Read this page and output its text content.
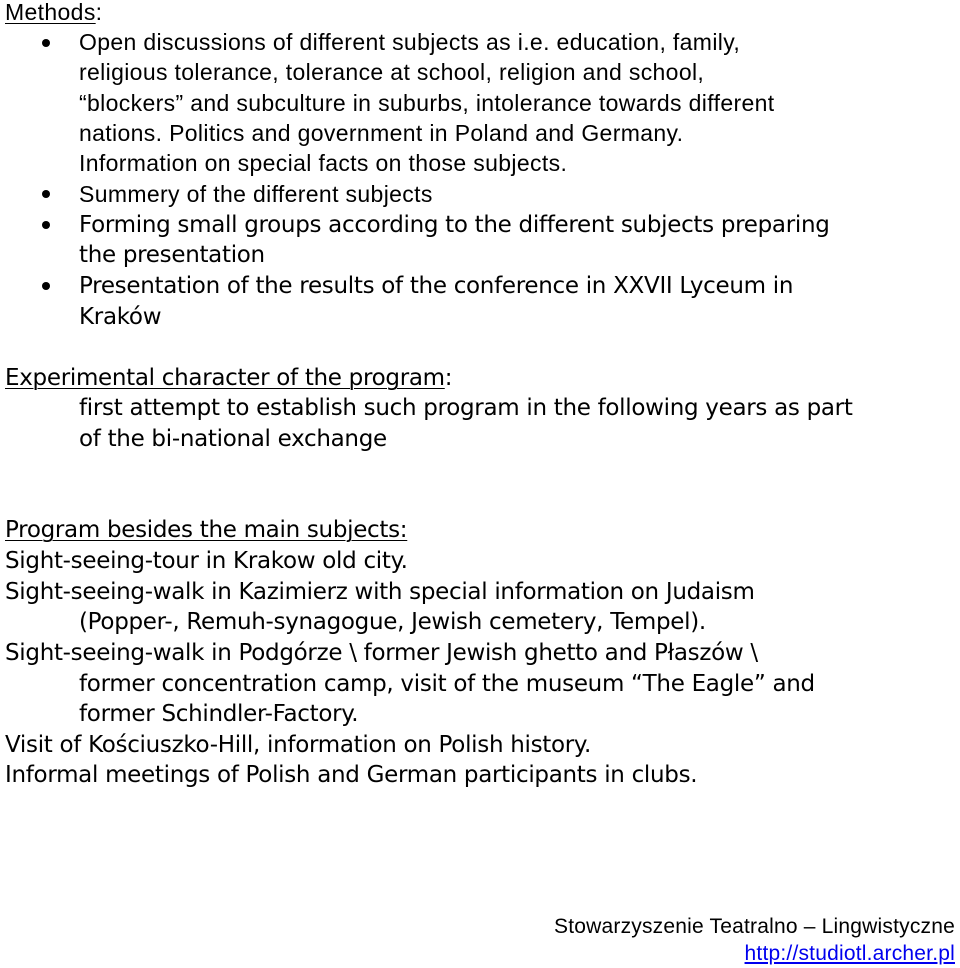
Methods:
Open discussions of different subjects as i.e. education, family,
religious tolerance, tolerance at school, religion and school,
“blockers” and subculture in suburbs, intolerance towards different
nations. Politics and government in Poland and Germany.
Information on special facts on those subjects.
Summery of the different subjects
Forming small groups according to the different subjects preparing
the presentation
Presentation of the results of the conference in XXVII Lyceum in
Kraków
Experimental character of the program:
first attempt to establish such program in the following years as part
of the bi-national exchange
Program besides the main subjects:
Sight-seeing-tour in Krakow old city.
Sight-seeing-walk in Kazimierz with special information on Judaism
(Popper-, Remuh-synagogue, Jewish cemetery, Tempel).
Sight-seeing-walk in Podgórze \ former Jewish ghetto and Płaszów \
former concentration camp, visit of the museum “The Eagle” and
former Schindler-Factory.
Visit of Kościuszko-Hill, information on Polish history.
Informal meetings of Polish and German participants in clubs.
Stowarzyszenie Teatralno – Lingwistyczne
http://studiotl.archer.pl
